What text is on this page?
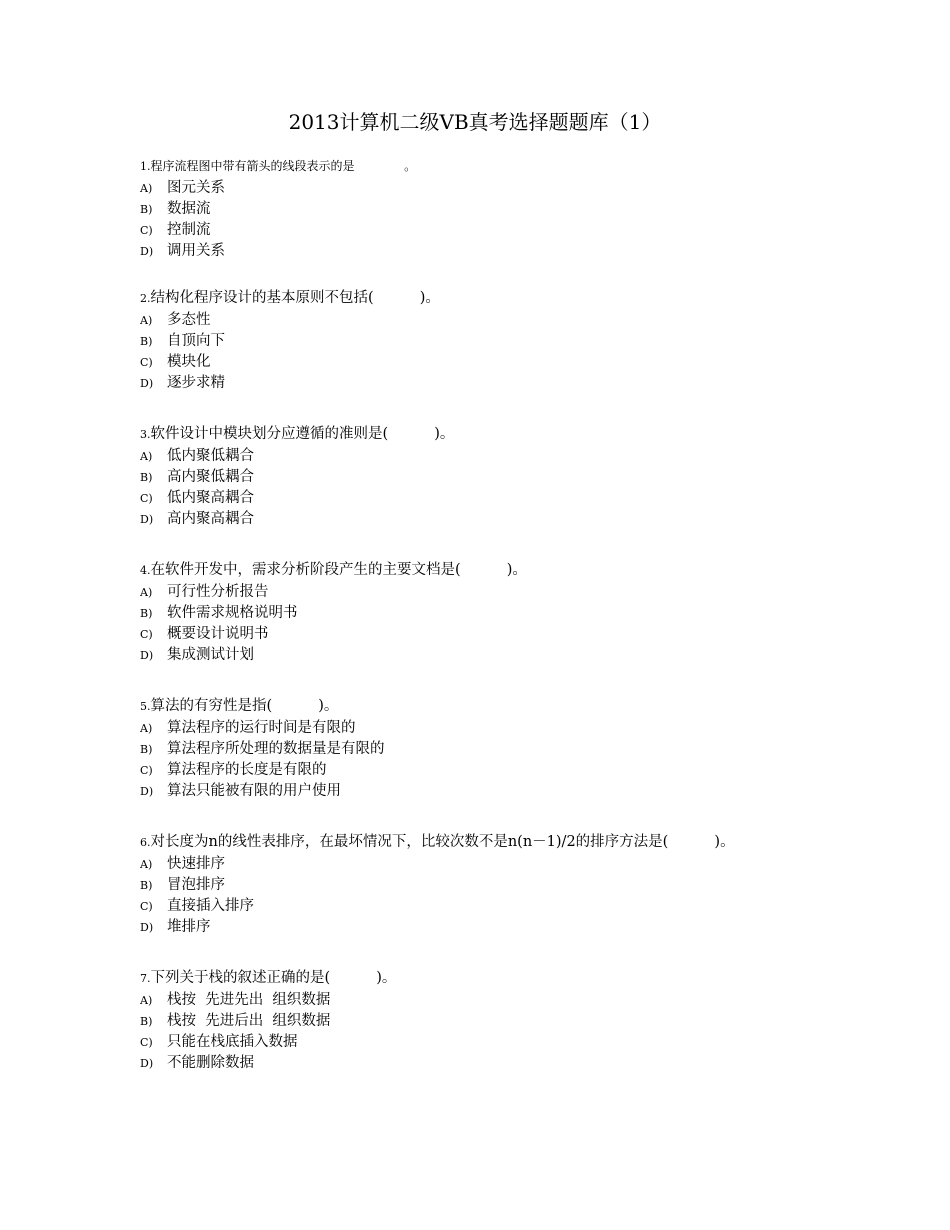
2013计算机二级VB真考选择题题库（1）
1.程序流程图中带有箭头的线段表示的是             。
A) 图元关系
B) 数据流
C) 控制流
D) 调用关系
2.结构化程序设计的基本原则不包括(          )。
A) 多态性
B) 自顶向下
C) 模块化
D) 逐步求精
3.软件设计中模块划分应遵循的准则是(          )。
A) 低内聚低耦合
B) 高内聚低耦合
C) 低内聚高耦合
D) 高内聚高耦合
4.在软件开发中，需求分析阶段产生的主要文档是(          )。
A) 可行性分析报告
B) 软件需求规格说明书
C) 概要设计说明书
D) 集成测试计划
5.算法的有穷性是指(          )。
A) 算法程序的运行时间是有限的
B) 算法程序所处理的数据量是有限的
C) 算法程序的长度是有限的
D) 算法只能被有限的用户使用
6.对长度为n的线性表排序，在最坏情况下，比较次数不是n(n－1)/2的排序方法是(          )。
A) 快速排序
B) 冒泡排序
C) 直接插入排序
D) 堆排序
7.下列关于栈的叙述正确的是(          )。
A) 栈按  先进先出  组织数据
B) 栈按  先进后出  组织数据
C) 只能在栈底插入数据
D) 不能删除数据
